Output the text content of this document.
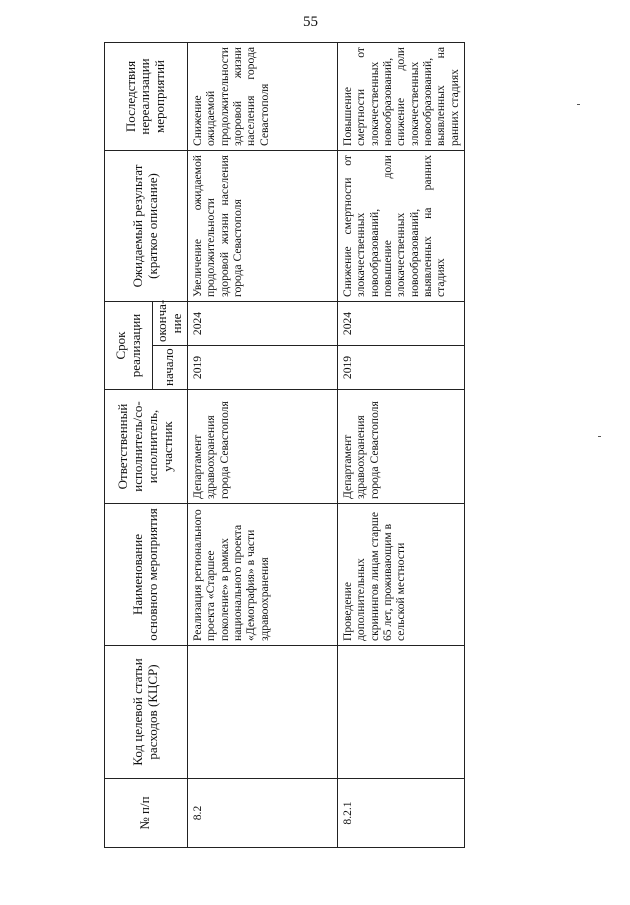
55
№ п/п	Код целевой статьи расходов (КЦСР)	Наименование основного мероприятия	Ответственный исполнитель/со-исполнитель, участник	Срок реализации		Ожидаемый результат (краткое описание)	Последствия нереализации мероприятий
				начало	оконча-ние		
8.2		Реализация регионального проекта «Старшее поколение» в рамках национального проекта «Демография» в части здравоохранения	Департамент здравоохранения города Севастополя	2019	2024	Увеличение ожидаемой продолжительности здоровой жизни населения города Севастополя	Снижение ожидаемой продолжительности здоровой жизни населения города Севастополя
8.2.1		Проведение дополнительных скринингов лицам старше 65 лет, проживающим в сельской местности	Департамент здравоохранения города Севастополя	2019	2024	Снижение смертности от злокачественных новообразований, повышение доли злокачественных новообразований, выявленных на ранних стадиях	Повышение смертности от злокачественных новообразований, снижение доли злокачественных новообразований, выявленных на ранних стадиях
